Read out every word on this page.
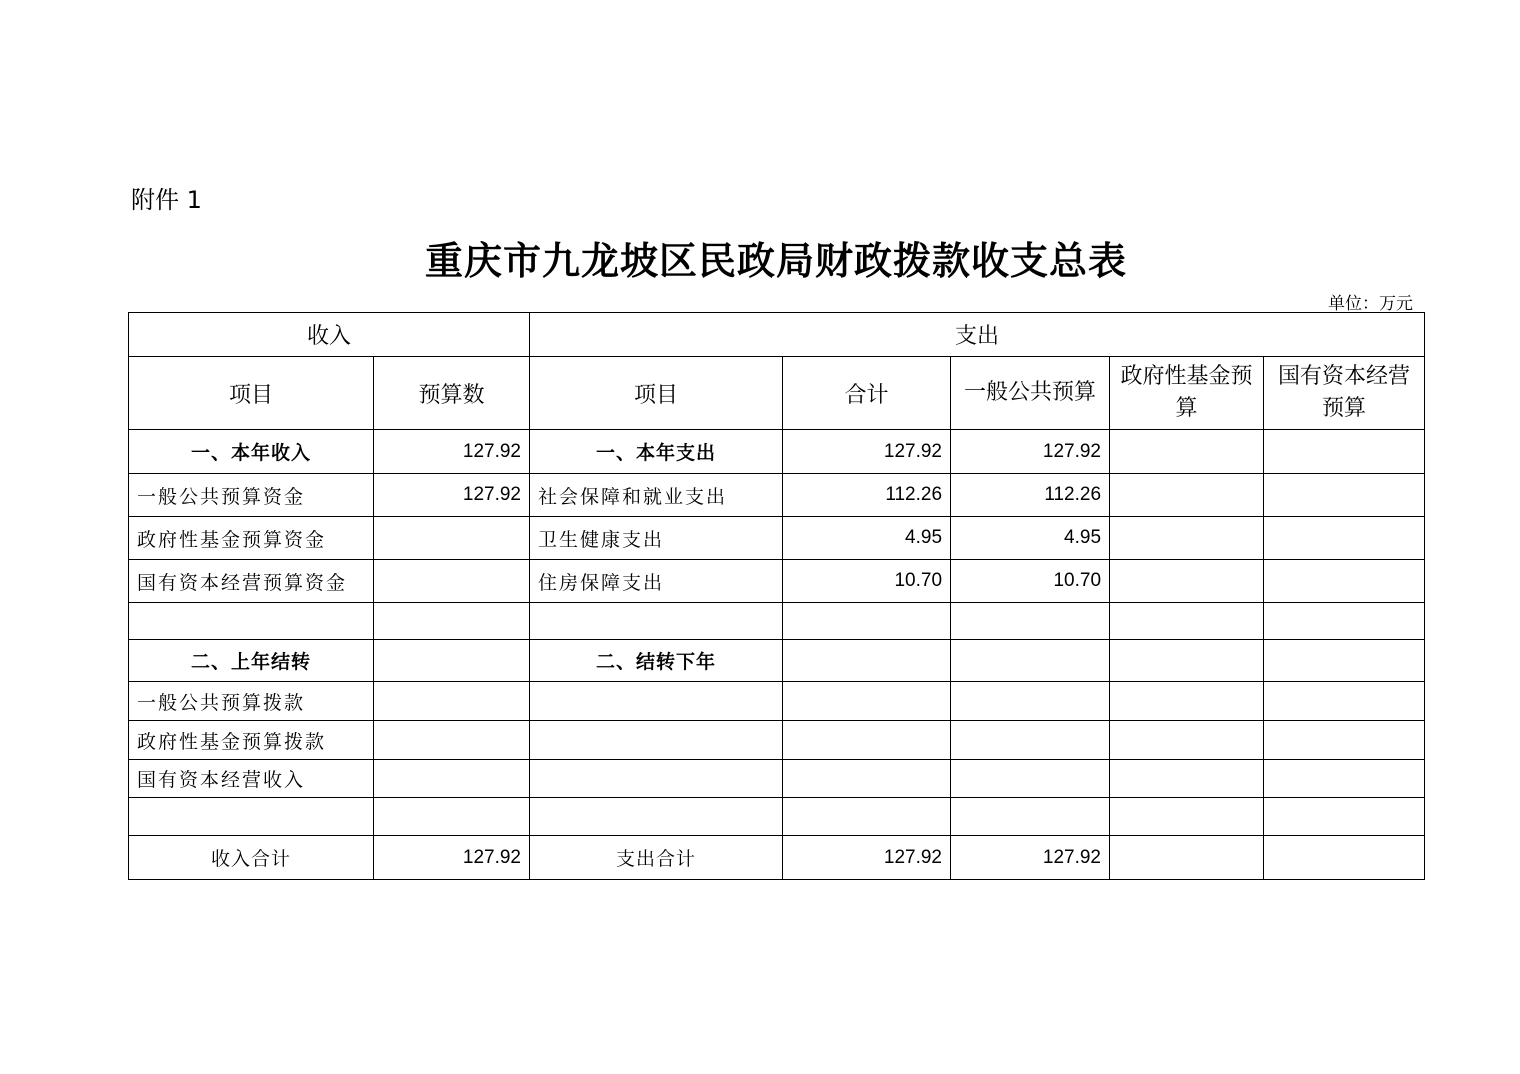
附件 1
重庆市九龙坡区民政局财政拨款收支总表
单位：万元
收入		支出				
项目	预算数	项目	合计	一般公共预算	政府性基金预算	国有资本经营预算
一、本年收入	127.92	一、本年支出	127.92	127.92		
一般公共预算资金	127.92	社会保障和就业支出	112.26	112.26		
政府性基金预算资金		卫生健康支出	4.95	4.95		
国有资本经营预算资金		住房保障支出	10.70	10.70		

二、上年结转		二、结转下年				
一般公共预算拨款						
政府性基金预算拨款						
国有资本经营收入						

收入合计	127.92	支出合计	127.92	127.92		
